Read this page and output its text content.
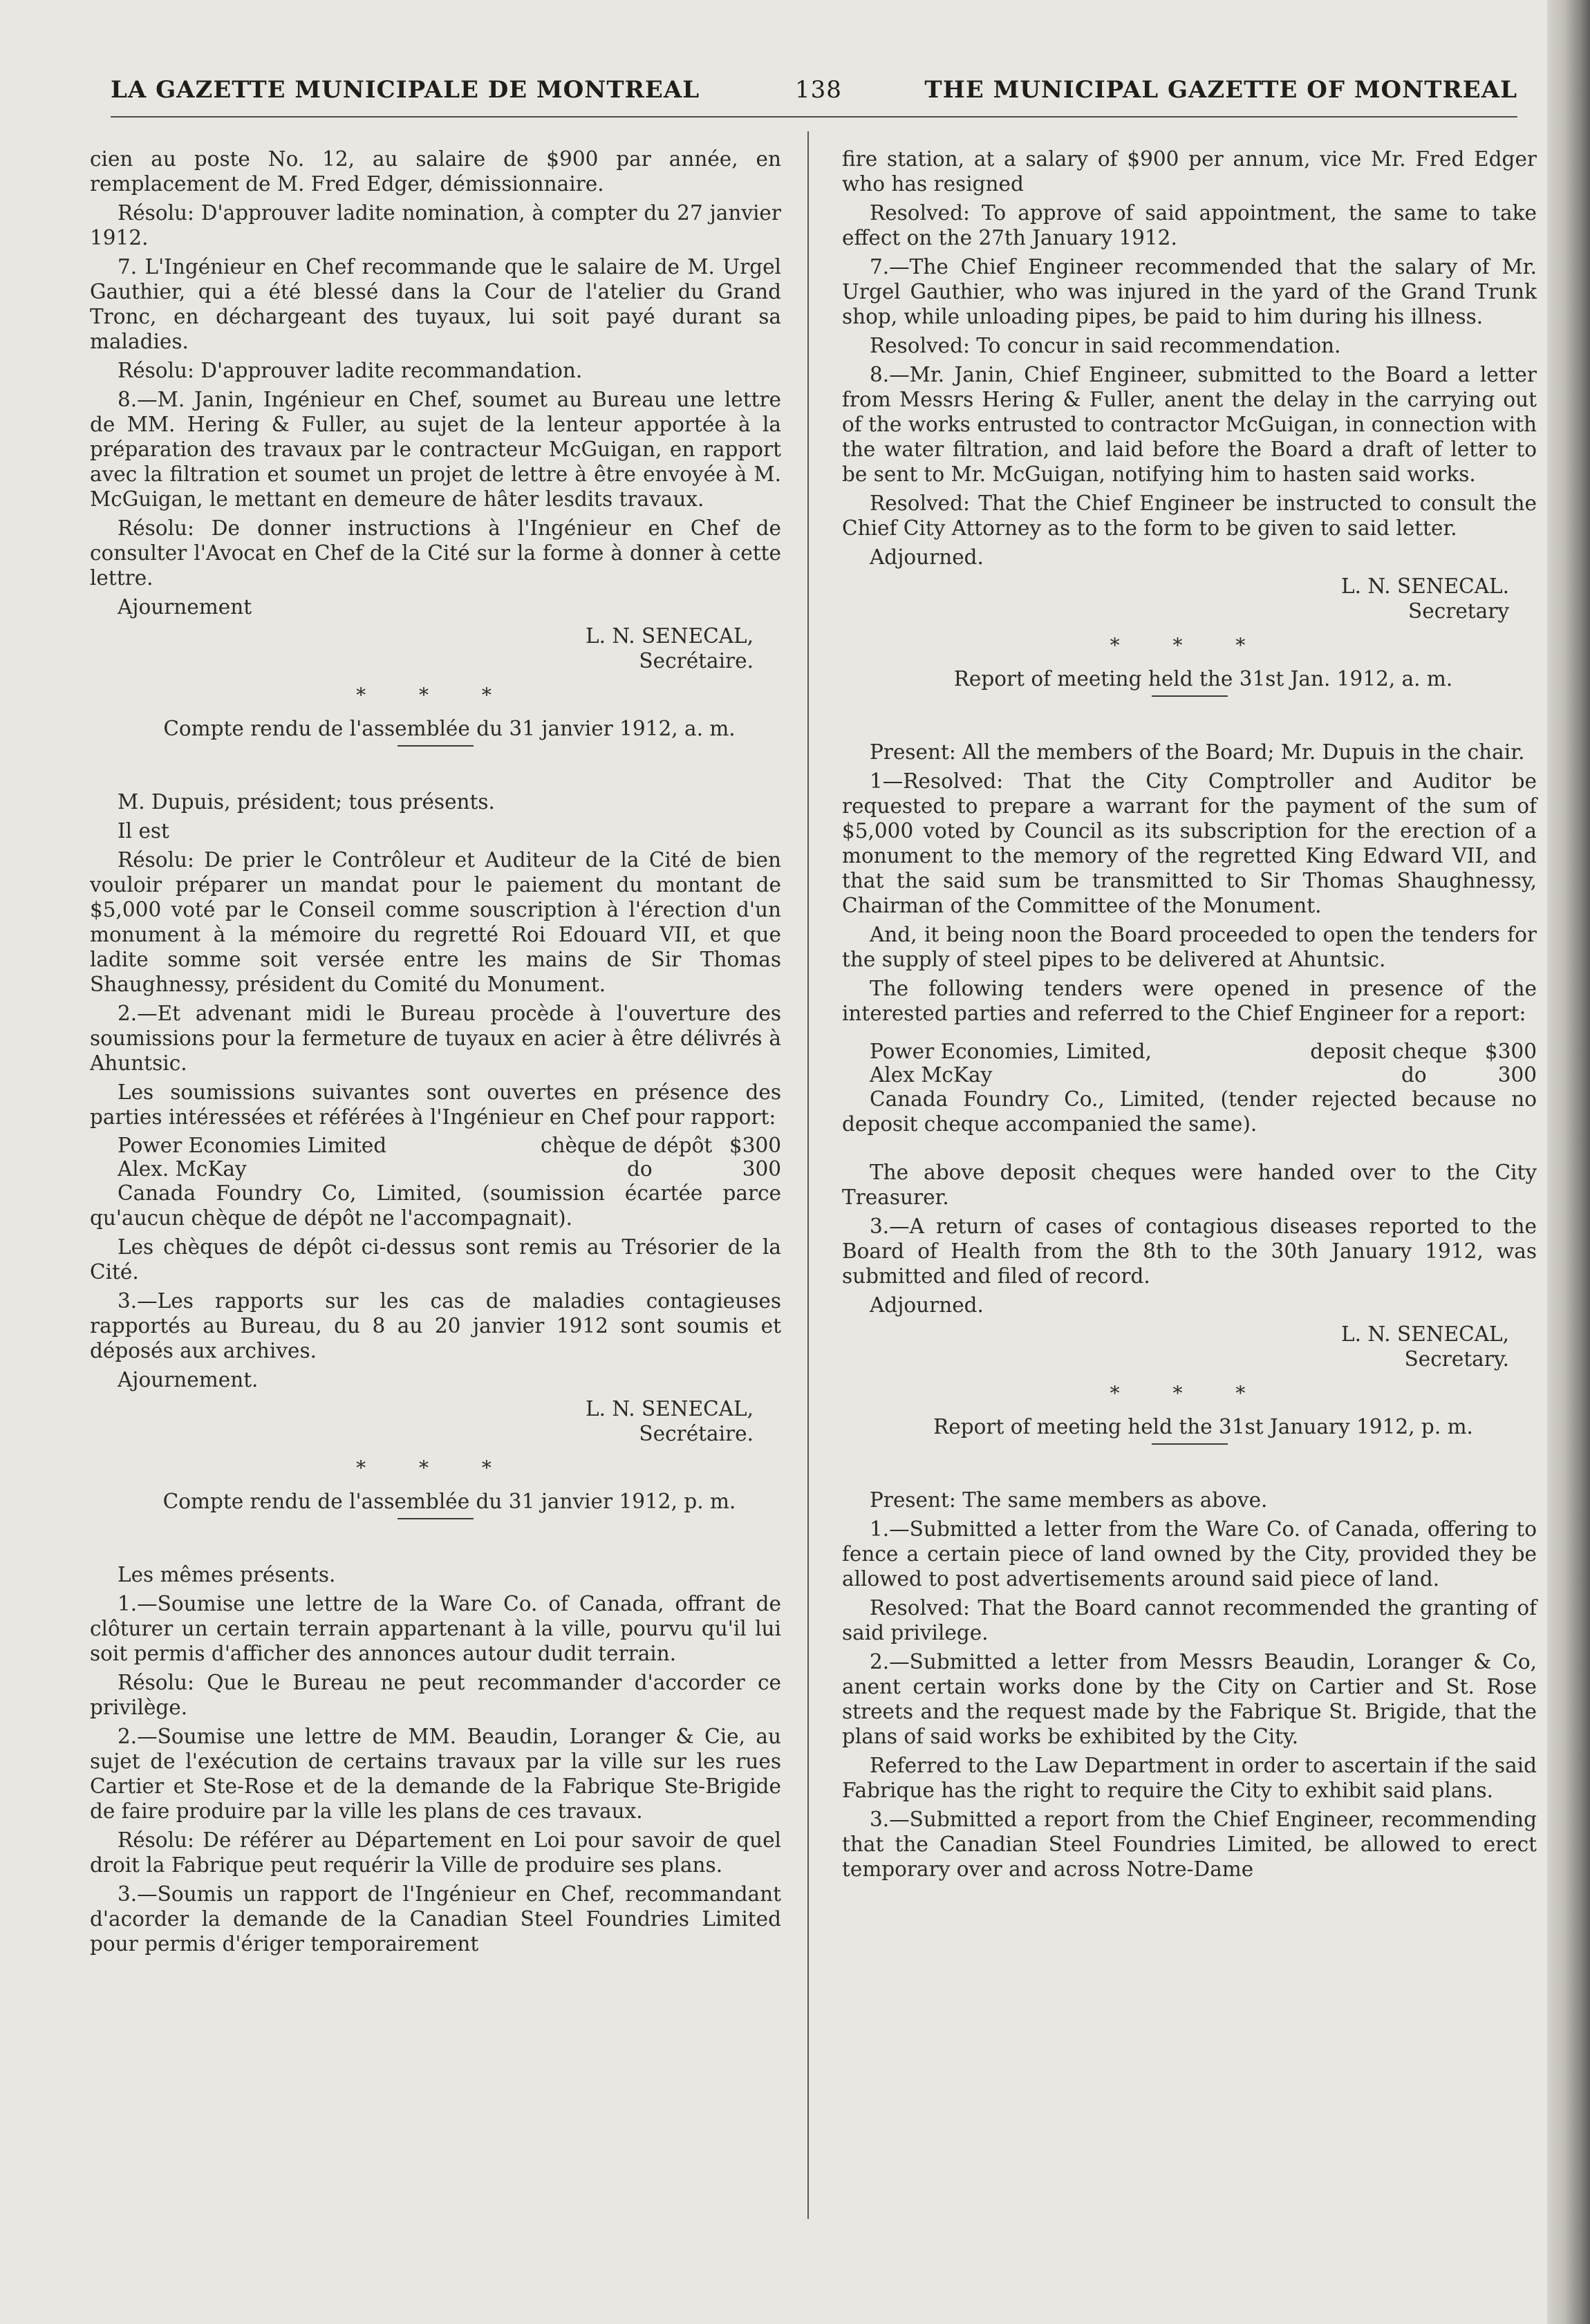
LA GAZETTE MUNICIPALE DE MONTREAL	138	THE MUNICIPAL GAZETTE OF MONTREAL

cien au poste No. 12, au salaire de $900 par année, en remplacement de M. Fred Edger, démissionnaire.

Résolu: D'approuver ladite nomination, à compter du 27 janvier 1912.

7. L'Ingénieur en Chef recommande que le salaire de M. Urgel Gauthier, qui a été blessé dans la Cour de l'atelier du Grand Tronc, en déchargeant des tuyaux, lui soit payé durant sa maladies.

Résolu: D'approuver ladite recommandation.

8.—M. Janin, Ingénieur en Chef, soumet au Bureau une lettre de MM. Hering & Fuller, au sujet de la lenteur apportée à la préparation des travaux par le contracteur McGuigan, en rapport avec la filtration et soumet un projet de lettre à être envoyée à M. McGuigan, le mettant en demeure de hâter lesdits travaux.

Résolu: De donner instructions à l'Ingénieur en Chef de consulter l'Avocat en Chef de la Cité sur la forme à donner à cette lettre.

Ajournement

L. N. SENECAL,

Secrétaire.
* * *

Compte rendu de l'assemblée du 31 janvier 1912, a. m.

M. Dupuis, président; tous présents.

Il est

Résolu: De prier le Contrôleur et Auditeur de la Cité de bien vouloir préparer un mandat pour le paiement du montant de $5,000 voté par le Conseil comme souscription à l'érection d'un monument à la mémoire du regretté Roi Edouard VII, et que ladite somme soit versée entre les mains de Sir Thomas Shaughnessy, président du Comité du Monument.

2.—Et advenant midi le Bureau procède à l'ouverture des soumissions pour la fermeture de tuyaux en acier à être délivrés à Ahuntsic.

Les soumissions suivantes sont ouvertes en présence des parties intéressées et référées à l'Ingénieur en Chef pour rapport:

Power Economies Limited	chèque de dépôt	$300
Alex. McKay	do	300

Canada Foundry Co, Limited, (soumission écartée parce qu'aucun chèque de dépôt ne l'accompagnait).

Les chèques de dépôt ci-dessus sont remis au Trésorier de la Cité.

3.—Les rapports sur les cas de maladies contagieuses rapportés au Bureau, du 8 au 20 janvier 1912 sont soumis et déposés aux archives.

Ajournement.

L. N. SENECAL,

Secrétaire.
* * *

Compte rendu de l'assemblée du 31 janvier 1912, p. m.

Les mêmes présents.

1.—Soumise une lettre de la Ware Co. of Canada, offrant de clôturer un certain terrain appartenant à la ville, pourvu qu'il lui soit permis d'afficher des annonces autour dudit terrain.

Résolu: Que le Bureau ne peut recommander d'accorder ce privilège.

2.—Soumise une lettre de MM. Beaudin, Loranger & Cie, au sujet de l'exécution de certains travaux par la ville sur les rues Cartier et Ste-Rose et de la demande de la Fabrique Ste-Brigide de faire produire par la ville les plans de ces travaux.

Résolu: De référer au Département en Loi pour savoir de quel droit la Fabrique peut requérir la Ville de produire ses plans.

3.—Soumis un rapport de l'Ingénieur en Chef, recommandant d'acorder la demande de la Canadian Steel Foundries Limited pour permis d'ériger temporairement

fire station, at a salary of $900 per annum, vice Mr. Fred Edger who has resigned

Resolved: To approve of said appointment, the same to take effect on the 27th January 1912.

7.—The Chief Engineer recommended that the salary of Mr. Urgel Gauthier, who was injured in the yard of the Grand Trunk shop, while unloading pipes, be paid to him during his illness.

Resolved: To concur in said recommendation.

8.—Mr. Janin, Chief Engineer, submitted to the Board a letter from Messrs Hering & Fuller, anent the delay in the carrying out of the works entrusted to contractor McGuigan, in connection with the water filtration, and laid before the Board a draft of letter to be sent to Mr. McGuigan, notifying him to hasten said works.

Resolved: That the Chief Engineer be instructed to consult the Chief City Attorney as to the form to be given to said letter.

Adjourned.

L. N. SENECAL.

Secretary
* * *

Report of meeting held the 31st Jan. 1912, a. m.

Present: All the members of the Board; Mr. Dupuis in the chair.

1—Resolved: That the City Comptroller and Auditor be requested to prepare a warrant for the payment of the sum of $5,000 voted by Council as its subscription for the erection of a monument to the memory of the regretted King Edward VII, and that the said sum be transmitted to Sir Thomas Shaughnessy, Chairman of the Committee of the Monument.

And, it being noon the Board proceeded to open the tenders for the supply of steel pipes to be delivered at Ahuntsic.

The following tenders were opened in presence of the interested parties and referred to the Chief Engineer for a report:

Power Economies, Limited,	deposit cheque	$300
Alex McKay	do	300

Canada Foundry Co., Limited, (tender rejected because no deposit cheque accompanied the same).

The above deposit cheques were handed over to the City Treasurer.

3.—A return of cases of contagious diseases reported to the Board of Health from the 8th to the 30th January 1912, was submitted and filed of record.

Adjourned.

L. N. SENECAL,

Secretary.
* * *

Report of meeting held the 31st January 1912, p. m.

Present: The same members as above.

1.—Submitted a letter from the Ware Co. of Canada, offering to fence a certain piece of land owned by the City, provided they be allowed to post advertisements around said piece of land.

Resolved: That the Board cannot recommended the granting of said privilege.

2.—Submitted a letter from Messrs Beaudin, Loranger & Co, anent certain works done by the City on Cartier and St. Rose streets and the request made by the Fabrique St. Brigide, that the plans of said works be exhibited by the City.

Referred to the Law Department in order to ascertain if the said Fabrique has the right to require the City to exhibit said plans.

3.—Submitted a report from the Chief Engineer, recommending that the Canadian Steel Foundries Limited, be allowed to erect temporary over and across Notre-Dame
